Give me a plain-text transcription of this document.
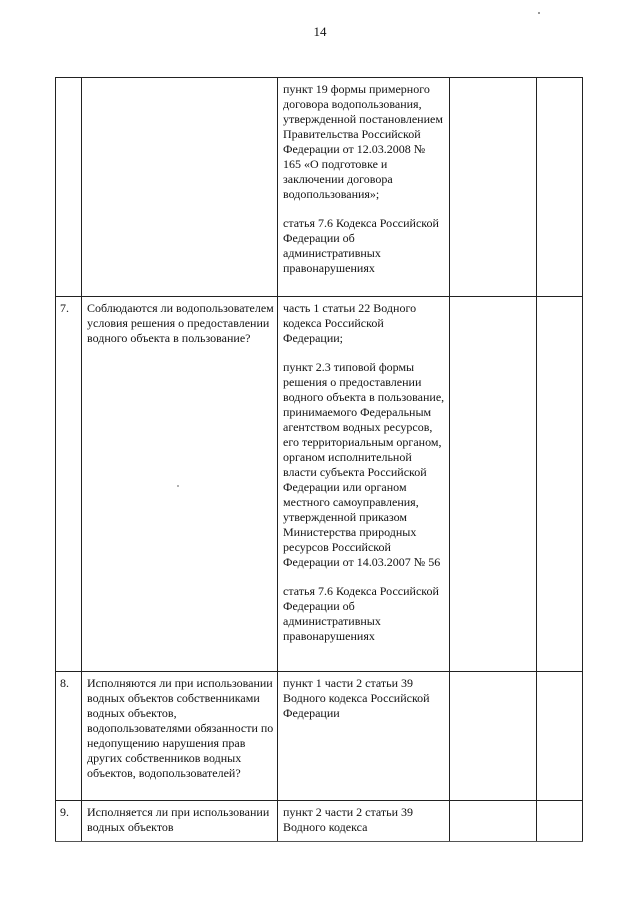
14

		пункт 19 формы примерного договора водопользования, утвержденной постановлением Правительства Российской Федерации от 12.03.2008 № 165 «О подготовке и заключении договора водопользования»;
статья 7.6 Кодекса Российской Федерации об административных правонарушениях		

7.	Соблюдаются ли водопользователем условия решения о предоставлении водного объекта в пользование?	часть 1 статьи 22 Водного кодекса Российской Федерации;
пункт 2.3 типовой формы решения о предоставлении водного объекта в пользование, принимаемого Федеральным агентством водных ресурсов, его территориальным органом, органом исполнительной власти субъекта Российской Федерации или органом местного самоуправления, утвержденной приказом Министерства природных ресурсов Российской Федерации от 14.03.2007 № 56
статья 7.6 Кодекса Российской Федерации об административных правонарушениях		

8.	Исполняются ли при использовании водных объектов собственниками водных объектов, водопользователями обязанности по недопущению нарушения прав других собственников водных объектов, водопользователей?	пункт 1 части 2 статьи 39 Водного кодекса Российской Федерации		

9.	Исполняется ли при использовании водных объектов	пункт 2 части 2 статьи 39 Водного кодекса		
